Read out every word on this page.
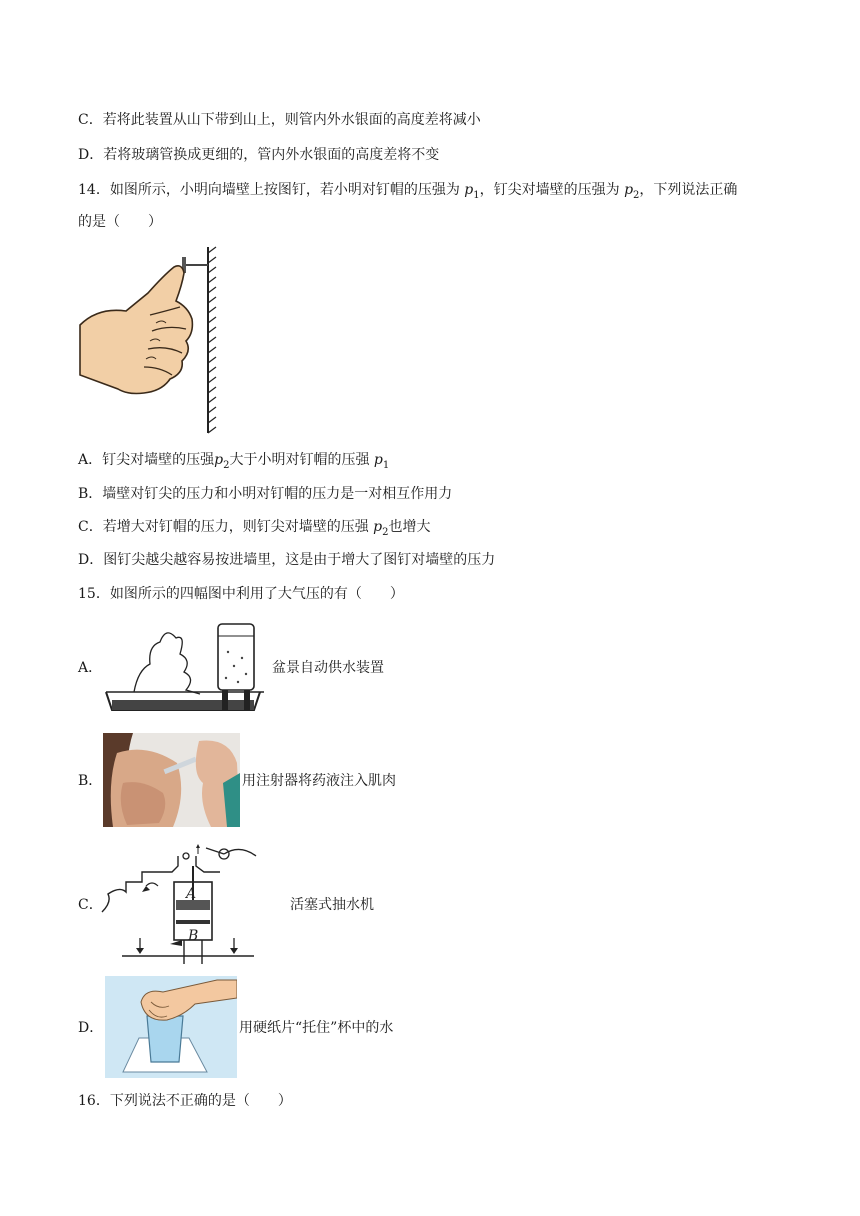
C．若将此装置从山下带到山上，则管内外水银面的高度差将减小
D．若将玻璃管换成更细的，管内外水银面的高度差将不变
14．如图所示，小明向墙壁上按图钉，若小明对钉帽的压强为 $p_1$，钉尖对墙壁的压强为 $p_2$，下列说法正确
的是（　　）
A．钉尖对墙壁的压强$p_2$大于小明对钉帽的压强 $p_1$
B．墙壁对钉尖的压力和小明对钉帽的压力是一对相互作用力
C．若增大对钉帽的压力，则钉尖对墙壁的压强 $p_2$也增大
D．图钉尖越尖越容易按进墙里，这是由于增大了图钉对墙壁的压力
15．如图所示的四幅图中利用了大气压的有（　　）
A．	盆景自动供水装置
B．	用注射器将药液注入肌肉
C．
A
B
活塞式抽水机
D．	用硬纸片“托住”杯中的水
16．下列说法不正确的是（　　）
